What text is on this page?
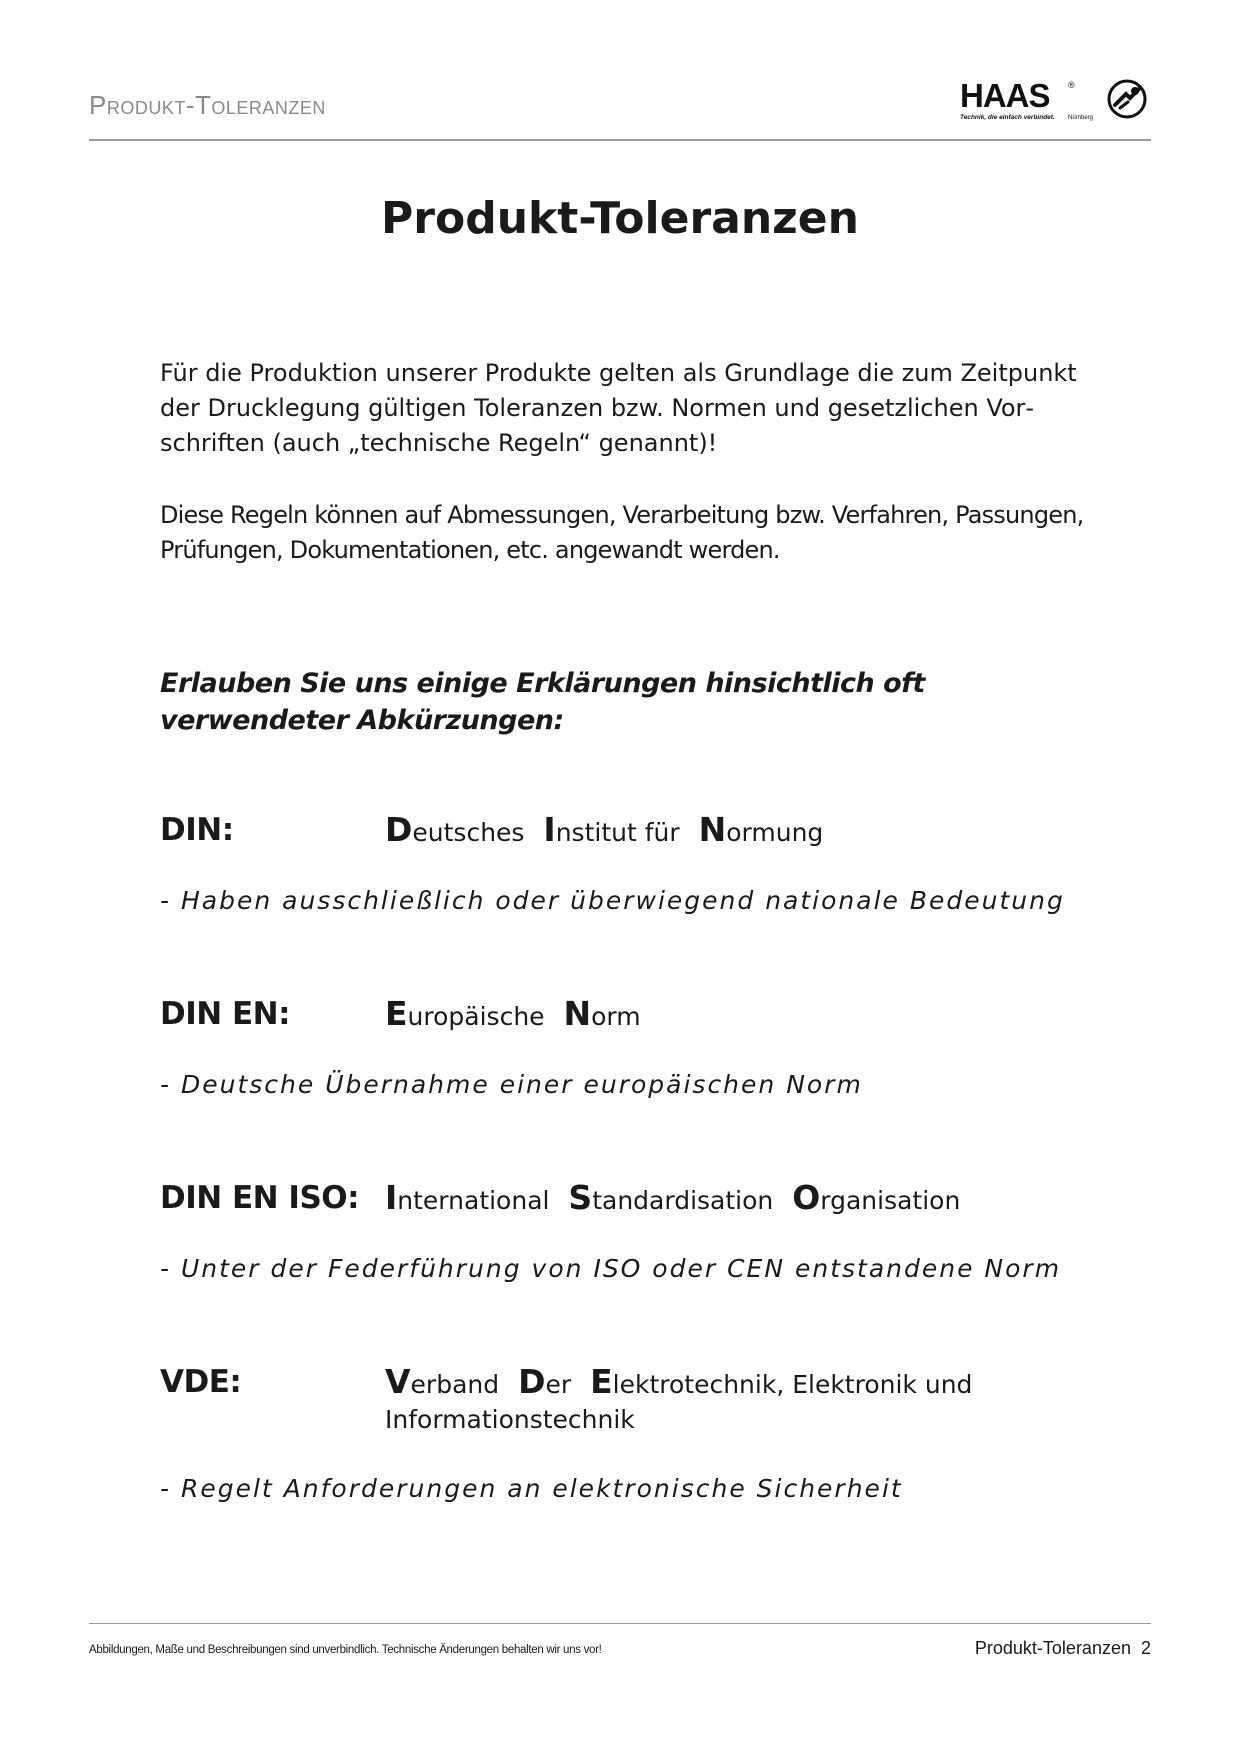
Produkt-Toleranzen	HAAS ®
Technik, die einfach verbindet. Nürnberg
Produkt-Toleranzen

Für die Produktion unserer Produkte gelten als Grundlage die zum Zeitpunkt der Drucklegung gültigen Toleranzen bzw. Normen und gesetzlichen Vorschriften (auch „technische Regeln“ genannt)!

Diese Regeln können auf Abmessungen, Verarbeitung bzw. Verfahren, Passungen, Prüfungen, Dokumentationen, etc. angewandt werden.

Erlauben Sie uns einige Erklärungen hinsichtlich oft verwendeter Abkürzungen:

DIN:	Deutsches Institut für Normung
- Haben ausschließlich oder überwiegend nationale Bedeutung
DIN EN:	Europäische Norm
- Deutsche Übernahme einer europäischen Norm
DIN EN ISO: International Standardisation Organisation
- Unter der Federführung von ISO oder CEN entstandene Norm
VDE:	Verband Der Elektrotechnik, Elektronik und Informationstechnik
- Regelt Anforderungen an elektronische Sicherheit
Abbildungen, Maße und Beschreibungen sind unverbindlich. Technische Änderungen behalten wir uns vor!	Produkt-Toleranzen 2
